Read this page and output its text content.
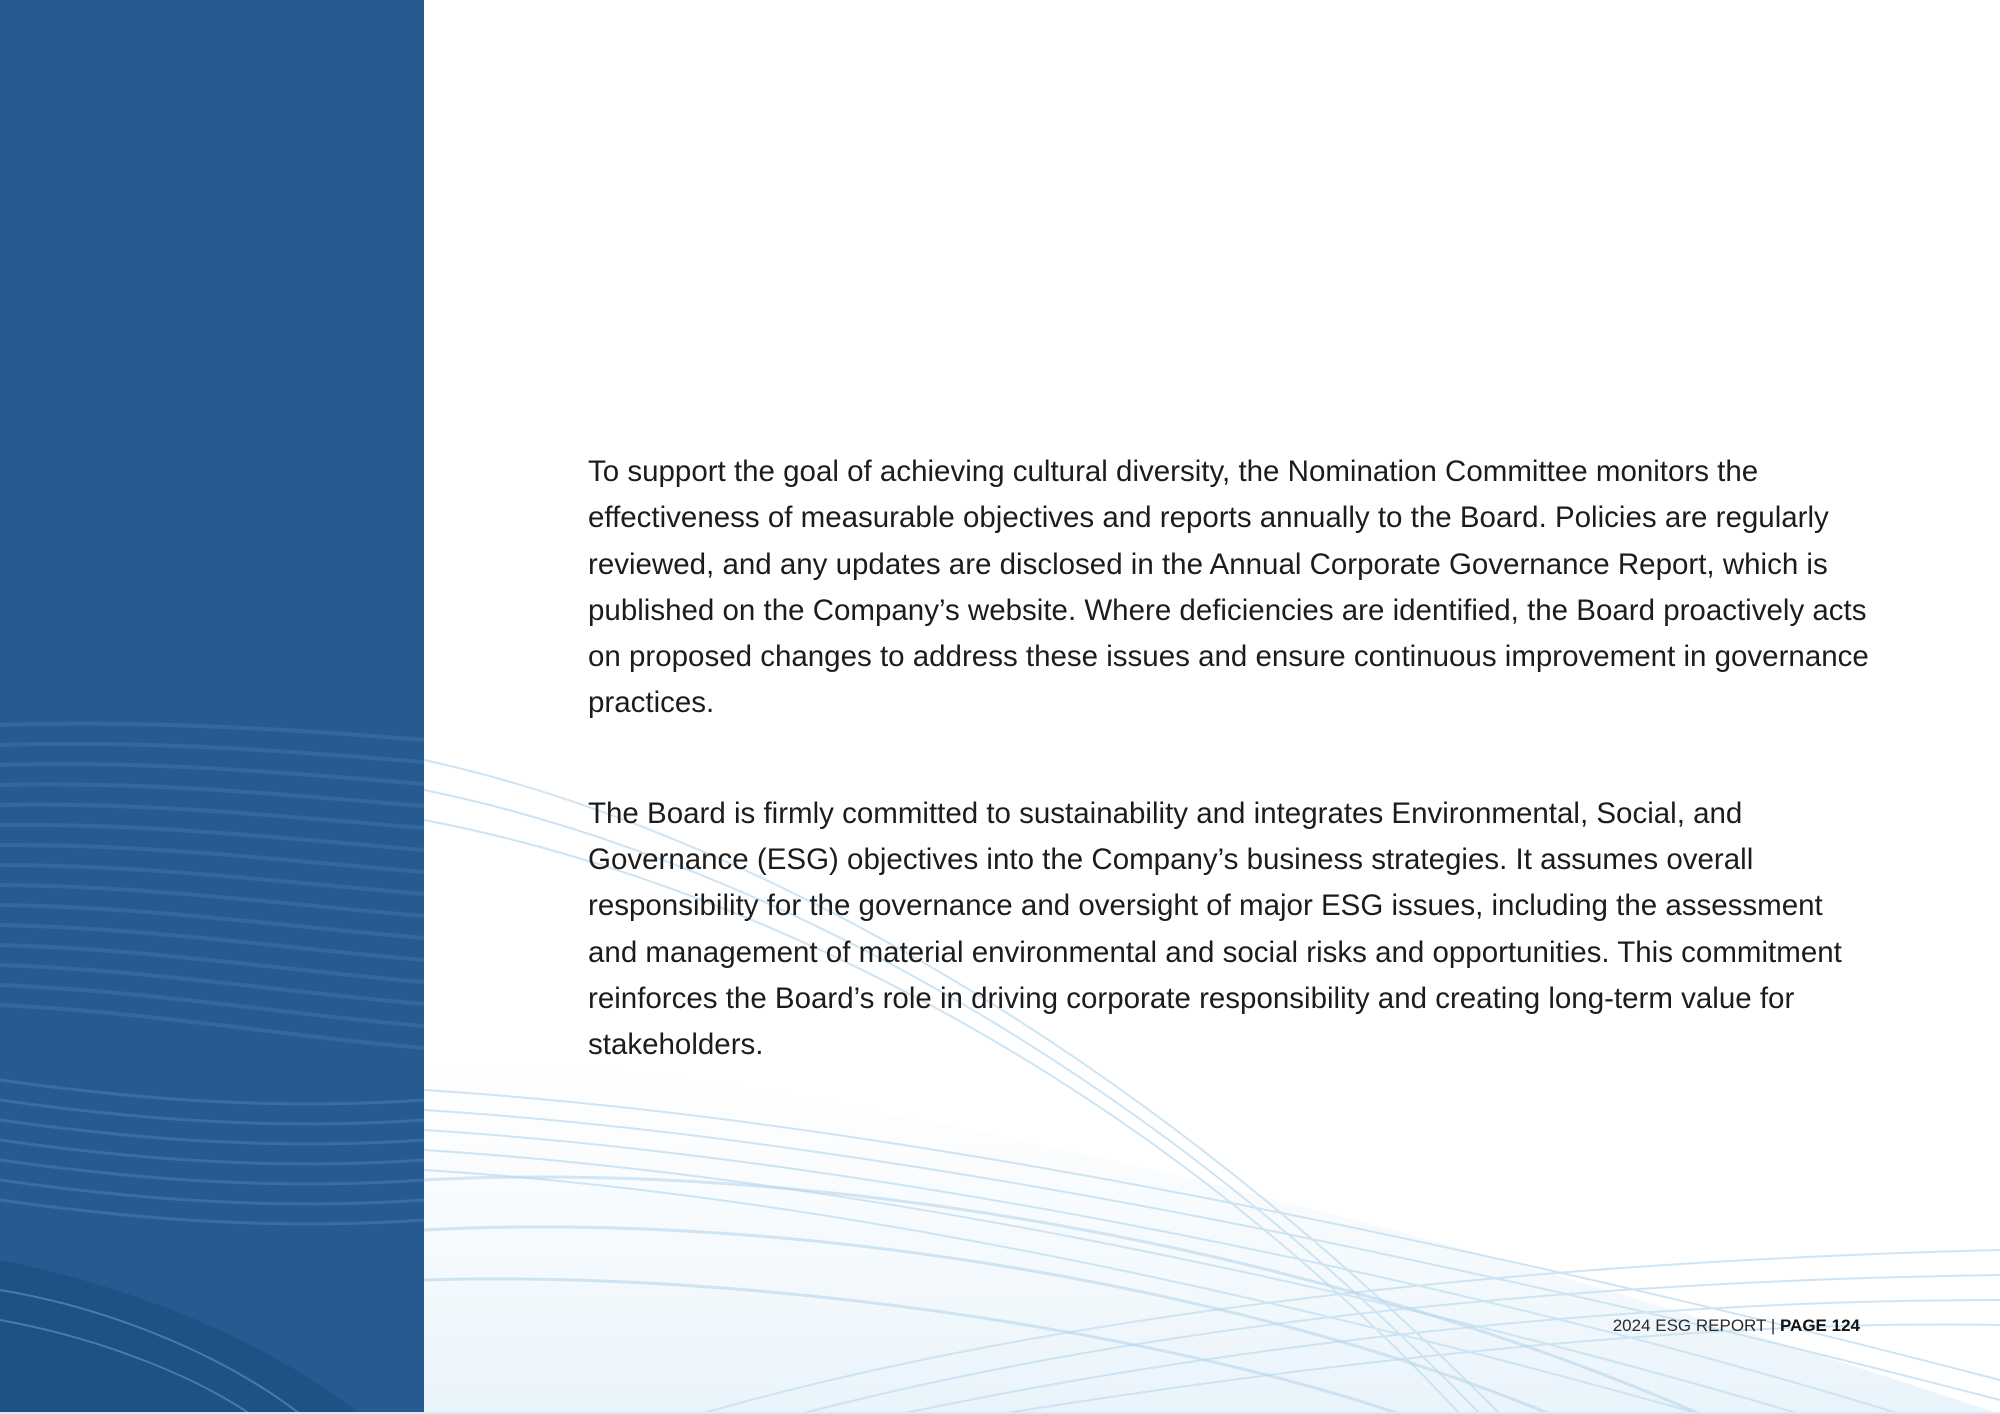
To support the goal of achieving cultural diversity, the Nomination Committee monitors the effectiveness of measurable objectives and reports annually to the Board. Policies are regularly reviewed, and any updates are disclosed in the Annual Corporate Governance Report, which is published on the Company’s website. Where deficiencies are identified, the Board proactively acts on proposed changes to address these issues and ensure continuous improvement in governance practices.

The Board is firmly committed to sustainability and integrates Environmental, Social, and Governance (ESG) objectives into the Company’s business strategies. It assumes overall responsibility for the governance and oversight of major ESG issues, including the assessment and management of material environmental and social risks and opportunities. This commitment reinforces the Board’s role in driving corporate responsibility and creating long-term value for stakeholders.

2024 ESG REPORT | PAGE 124
